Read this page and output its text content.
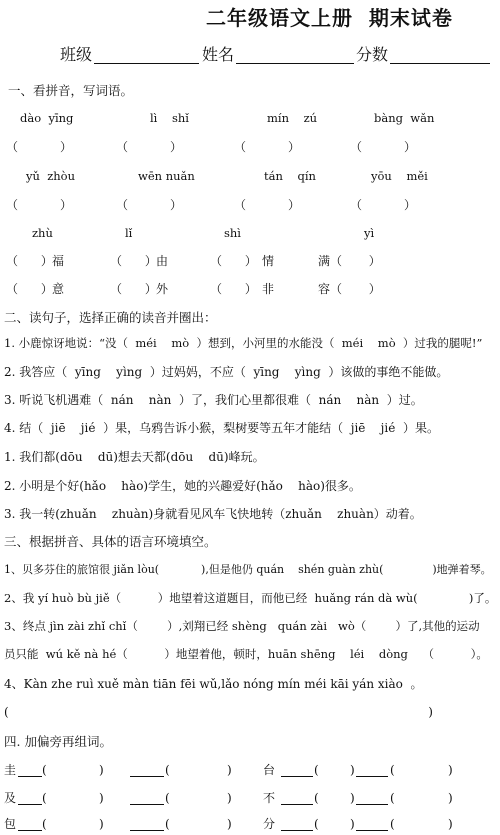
二年级语文上册  期末试卷
班级	姓名	分数
一、看拼音，写词语。
dào  yīng	lì    shǐ	mín    zú	bàng  wǎn
（           ）	（           ）	（           ）	（           ）
yǔ  zhòu	wēn nuǎn	tán    qín	yōu    měi
（           ）	（           ）	（           ）	（           ）
zhù	lǐ	shì	yì
（      ） 福	（      ） 由	（      ） 情	满（       ）
（      ） 意	（      ） 外	（      ） 非	容（       ）
二、读句子，选择正确的读音并圈出：
1. 小鹿惊讶地说：“没（  méi    mò  ）想到，小河里的水能没（  méi    mò  ）过我的腿呢!”
2. 我答应（  yīng    yìng  ）过妈妈，不应（  yīng    yìng  ）该做的事绝不能做。
3. 听说飞机遇难（  nán    nàn  ）了，我们心里都很难（  nán    nàn  ）过。
4. 结（  jiē    jié  ）果，乌鸦告诉小猴，梨树要等五年才能结（  jiē    jié  ）果。
1. 我们都(dōu    dū)想去天都(dōu    dū)峰玩。
2. 小明是个好(hǎo    hào)学生，她的兴趣爱好(hǎo    hào)很多。
3. 我一转(zhuǎn    zhuàn)身就看见风车飞快地转（zhuǎn    zhuàn）动着。
三、根据拼音、具体的语言环境填空。
1、贝多芬住的旅馆很 jiǎn lòu(            ),但是他仍 quán    shén guàn zhù(              )地弹着琴。
2、我 yí huò bù jiě（          ）地望着这道题目，而他已经  huǎng rán dà wù(              )了。
3、终点 jìn zài zhǐ chǐ（        ）,刘翔已经 shèng   quán zài   wò（        ）了,其他的运动
员只能  wú kě nà hé（          ）地望着他，顿时，huān shēng    léi    dòng    （          ）。
4、Kàn zhe ruì xuě màn tiān fēi wǔ,lǎo nóng mín méi kāi yán xiào  。
(                                                                                                              )
四. 加偏旁再组词。
圭 (	)	(	)	台	(	)	(	)
及 (	)	(	)	不	(	)	(	)
包 (	)	(	)	分	(	)	(	)
